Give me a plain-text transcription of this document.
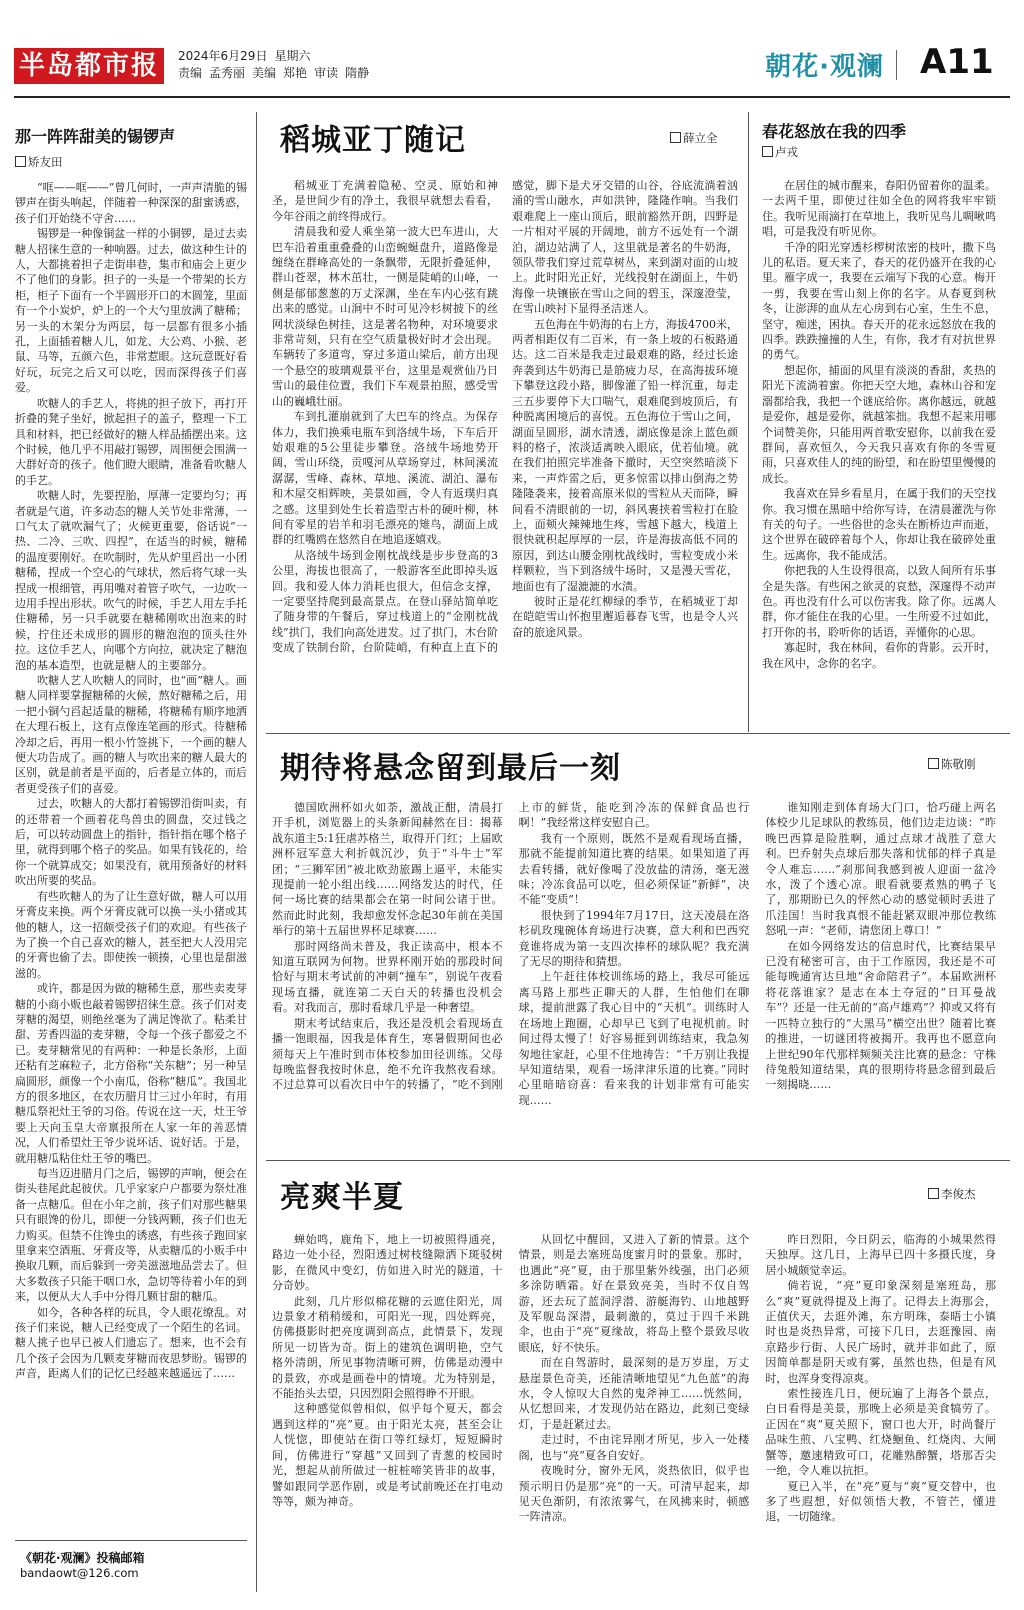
半岛都市报	2024年6月29日 星期六
责编 孟秀丽 美编 郑艳 审读 隋静	朝花·观澜 A11
那一阵阵甜美的锡锣声
矫友田

“哐——哐——”曾几何时，一声声清脆的锡锣声在街头响起，伴随着一种深深的甜蜜诱惑，孩子们开始绕不守舍……

锡锣是一种像铜盆一样的小铜锣，是过去卖糖人招徕生意的一种响器。过去，做这种生计的人，大都挑着担子走街串巷，集市和庙会上更少不了他们的身影。担子的一头是一个带架的长方柜，柜子下面有一个半圆形开口的木圆笼，里面有一个小炭炉，炉上的一个大勺里放满了糖稀；另一头的木架分为两层，每一层都有很多小插孔，上面插着糖人儿，如龙、大公鸡、小猴、老鼠、马等，五颜六色，非常惹眼。这玩意既好看好玩，玩完之后又可以吃，因而深得孩子们喜爱。

吹糖人的手艺人，将挑的担子放下，再打开折叠的凳子坐好，掀起担子的盖子，整理一下工具和材料，把已经做好的糖人样品插摆出来。这个时候，他几乎不用敲打锡锣，周围便会围满一大群好奇的孩子。他们瞪大眼睛，准备看吹糖人的手艺。

吹糖人时，先要捏胎，厚薄一定要均匀；再者就是气道，许多动态的糖人关节处非常薄，一口气太了就吹漏气了；火候更重要，俗话说“一热、二冷、三吹、四捏”，在适当的时候，糖稀的温度要刚好。在吹制时，先从炉里舀出一小团糖稀，捏成一个空心的气球状，然后将气球一头捏成一根细管，再用嘴对着管子吹气，一边吹一边用手捏出形状。吹气的时候，手艺人用左手托住糖稀，另一只手就要在糖稀刚吹出泡来的时候，拧住还未成形的圆形的糖泡泡的顶头往外拉。这位手艺人，向哪个方向拉，就决定了糖泡泡的基本造型，也就是糖人的主要部分。

吹糖人艺人吹糖人的同时，也“画”糖人。画糖人同样要掌握糖稀的火候，熬好糖稀之后，用一把小铜勺舀起适量的糖稀，将糖稀有顺序地洒在大理石板上，这有点像连笔画的形式。待糖稀冷却之后，再用一根小竹签挑下，一个画的糖人便大功告成了。画的糖人与吹出来的糖人最大的区别，就是前者是平面的，后者是立体的，而后者更受孩子们的喜爱。

过去，吹糖人的大都打着锡锣沿街叫卖，有的还带着一个画着花鸟兽虫的圆盘，交过钱之后，可以转动圆盘上的指针，指针指在哪个格子里，就得到哪个格子的奖品。如果有钱花的，给你一个就算成交；如果没有，就用预备好的材料吹出所要的奖品。

有些吹糖人的为了让生意好做，糖人可以用牙膏皮来换。两个牙膏皮就可以换一头小猪或其他的糖人，这一招颇受孩子们的欢迎。有些孩子为了换一个自己喜欢的糖人，甚至把大人没用完的牙膏也偷了去。即使挨一顿揍，心里也是甜滋滋的。

或许，都是因为做的糖稀生意，那些卖麦芽糖的小商小贩也敲着锡锣招徕生意。孩子们对麦芽糖的渴望，则绝丝毫为了满足馋欲了。粘柔甘甜、芳香四溢的麦芽糖，令每一个孩子都爱之不已。麦芽糖常见的有两种：一种是长条形，上面还粘有芝麻粒子，北方俗称“关东糖”；另一种呈扁圆形，颜像一个小南瓜，俗称“糖瓜”。我国北方的很多地区，在农历腊月廿三过小年时，有用糖瓜祭祀灶王爷的习俗。传说在这一天，灶王爷要上天向玉皇大帝禀报所在人家一年的善恶情况，人们希望灶王爷少说坏话、说好话。于是，就用糖瓜粘住灶王爷的嘴巴。

每当迈进腊月门之后，锡锣的声响，便会在街头巷尾此起彼伏。几乎家家户户都要为祭灶准备一点糖瓜。但在小年之前，孩子们对那些糖果只有眼馋的份儿，即便一分钱两颗，孩子们也无力购买。但禁不住馋虫的诱惑，有些孩子跑回家里拿来空酒瓶、牙膏皮等，从卖糖瓜的小贩手中换取几颗，而后躲到一旁美滋滋地品尝去了。但大多数孩子只能干咽口水，急切等待着小年的到来，以便从大人手中分得几颗甘甜的糖瓜。

如今，各种各样的玩具，令人眼花缭乱。对孩子们来说，糖人已经变成了一个陌生的名词。糖人挑子也早已被人们遗忘了。想来，也不会有几个孩子会因为几颗麦芽糖而夜思梦盼。锡锣的声音，距离人们的记忆已经越来越遥远了……

《朝花·观澜》投稿邮箱
bandaowt@126.com
稻城亚丁随记	薛立全

稻城亚丁充满着隐秘、空灵、原始和神圣，是世间少有的净土，我很早就想去看看，今年谷雨之前终得成行。

清晨我和爱人乘坐第一波大巴车进山，大巴车沿着重重叠叠的山峦蜿蜒盘升，道路像是缠绕在群峰高处的一条飘带，无限折叠延伸，群山苍翠，林木茁壮，一侧是陡峭的山峰，一侧是郁郁葱葱的万丈深渊，坐在车内心弦有跳出来的感觉。山涧中不时可见冷杉树披下的丝网状淡绿色树挂，这是著名物种，对环境要求非常苛刻，只有在空气质量极好时才会出现。车辆转了多道弯，穿过多道山梁后，前方出现一个悬空的玻璃观景平台，这里是观赏仙乃日雪山的最佳位置，我们下车观景拍照，感受雪山的巍峨壮丽。

车到扎灌崩就到了大巴车的终点。为保存体力，我们换乘电瓶车到洛绒牛场，下车后开始艰难的5公里徒步攀登。洛绒牛场地势开阔，雪山环绕，贡嘎河从草场穿过，林间溪流潺潺，雪峰、森林、草地、溪流、湖泊、瀑布和木屋交相辉映，美景如画，令人有返璞归真之感。这里到处生长着造型古朴的硬叶柳，林间有零星的岩羊和羽毛漂亮的雉鸟，湖面上成群的红嘴鸥在悠然自在地追逐嬉戏。

从洛绒牛场到金刚枕战线是步步登高的3公里，海拔也很高了，一般游客至此即掉头返回。我和爱人体力消耗也很大，但信念支撑，一定要坚持爬到最高景点。在登山驿站简单吃了随身带的午餐后，穿过栈道上的“金刚枕战线”拱门，我们向高处进发。过了拱门，木台阶变成了铁制台阶，台阶陡峭，有种直上直下的感觉，脚下是犬牙交错的山谷，谷底流淌着汹涌的雪山融水，声如洪钟，隆隆作响。当我们艰难爬上一座山顶后，眼前豁然开朗，四野是一片相对平展的开阔地，前方不远处有一个湖泊，湖边站满了人，这里就是著名的牛奶海，领队带我们穿过荒草树丛，来到湖对面的山坡上。此时阳光正好，光线投射在湖面上，牛奶海像一块镶嵌在雪山之间的碧玉，深邃澄莹，在雪山映衬下显得圣洁迷人。

五色海在牛奶海的右上方，海拔4700米，两者相距仅有二百米，有一条上坡的石板路通达。这二百米是我走过最艰难的路，经过长途奔袭到达牛奶海已是筋疲力尽，在高海拔环境下攀登这段小路，脚像灌了铅一样沉重，每走三五步要停下大口喘气，艰难爬到坡顶后，有种脱离困境后的喜悦。五色海位于雪山之间，湖面呈圆形，湖水清透，湖底像是涂上蓝色颜料的格子，浓淡适离映入眼底，优若仙境。就在我们拍照完毕准备下撤时，天空突然暗淡下来，一声炸雷之后，更多惊雷以排山倒海之势隆隆袭来，接着高原米似的雪粒从天而降，瞬间看不清眼前的一切，斜风裹挟着雪粒打在脸上，面颊火辣辣地生疼，雪越下越大，栈道上很快就积起厚厚的一层，许是海拔高低不同的原因，到达山腰金刚枕战线时，雪粒变成小米样颗粒，当下到洛绒牛场时，又是漫天雪花，地面也有了湿漉漉的水渍。

彼时正是花红柳绿的季节，在稻城亚丁却在皑皑雪山怀抱里邂逅暮春飞雪，也是令人兴奋的旅途风景。

春花怒放在我的四季
卢戎

在居住的城市醒来，春阳仍留着你的温柔。一去两千里，即使过往如全色的网将我牢牢锁住。我听见雨滴打在草地上，我听见鸟儿啁啾鸣唱，可是我没有听见你。

千净的阳光穿透杉椤树浓密的枝叶，撒下鸟儿的私语。夏天来了，春天的花仍盛开在我的心里。雁字成一，我要在云端写下我的心意。梅开一剪，我要在雪山刻上你的名字。从春夏到秋冬，让澎湃的血从左心房到右心室，生生不息，坚守，痴迷，困执。春天开的花永远怒放在我的四季。跌跌撞撞的人生，有你，我才有对抗世界的勇气。

想起你，捕面的风里有淡淡的香甜，炙热的阳光下流淌着蜜。你把天空大地，森林山谷和宠溺都给我，我把一个谜底给你。离你越远，就越是爱你，越是爱你，就越笨拙。我想不起来用哪个词赞美你，只能用两首歌安慰你，以前我在爱群间，喜欢恒久，今天我只喜欢有你的冬雪夏雨，只喜欢佳人的纯的盼望，和在盼望里慢慢的成长。

我喜欢在异乡看星月，在属于我们的天空找你。我习惯在黑暗中给你写诗，在清晨灌洗与你有关的句子。一些俗世的念头在断桥边声而逝，这个世界在破碎着每个人，你却让我在破碎处重生。远离你，我不能成活。

你把我的人生设得很高，以致人间所有乐事全是失落。有些闲之欲灵的哀愁，深邃得不动声色。再也没有什么可以伤害我。除了你。远离人群，你才能住在我的心里。一生所爱不过如此，打开你的书，聆听你的话语，弄懂你的心思。

寡起时，我在林间，看你的背影。云开时，我在风中，念你的名字。

期待将悬念留到最后一刻	陈敬刚

德国欧洲杯如火如荼，激战正酣，清晨打开手机，浏览器上的头条新闻赫然在目：揭幕战东道主5:1狂虐苏格兰，取得开门红；上届欧洲杯冠军意大利折戟沉沙，负于“斗牛士”军团；“三狮军团”被北欧劲旅踢上逼平，未能实现提前一轮小组出线……网络发达的时代，任何一场比赛的结果都会在第一时间公诸于世。然而此时此刻，我却愈发怀念起30年前在美国举行的第十五届世界杯足球赛……

那时网络尚未普及，我正读高中，根本不知道互联网为何物。世界杯刚开始的那段时间恰好与期末考试前的冲刺“撞车”，别说午夜看现场直播，就连第二天白天的转播也没机会看。对我而言，那时看球几乎是一种奢望。

期末考试结束后，我还是没机会看现场直播一饱眼福，因我是体育生，寒暑假期间也必须每天上午准时到市体校参加田径训练。父母每晚监督我按时休息，绝不允许我熬夜看球。不过总算可以看次日中午的转播了，“吃不到刚上市的鲜货，能吃到冷冻的保鲜食品也行啊！”我经常这样安慰自己。

我有一个原则，既然不是观看现场直播，那就不能提前知道比赛的结果。如果知道了再去看转播，就好像喝了没放盐的清汤，毫无滋味；冷冻食品可以吃，但必须保证“新鲜”，决不能“变质”！

很快到了1994年7月17日，这天凌晨在洛杉矶玫瑰碗体育场进行决赛，意大利和巴西究竟谁将成为第一支四次捧杯的球队呢？我充满了无尽的期待和猜想。

上午赶往体校训练场的路上，我尽可能远离马路上那些正聊天的人群，生怕他们在聊球，提前泄露了我心目中的“天机”。训练时人在场地上跑圈，心却早已飞到了电视机前。时间过得太慢了！好容易捱到训练结束，我急匆匆地往家赶，心里不住地祷告：“千万别让我提早知道结果，观看一场津津乐道的比赛。”同时心里暗暗窃喜：看来我的计划非常有可能实现……

谁知刚走到体育场大门口，恰巧碰上两名体校少儿足球队的教练员，他们边走边谈：“昨晚巴西算是险胜啊，通过点球才战胜了意大利。巴乔射失点球后那失落和忧郁的样子真是令人难忘……”刹那间我感到被人迎面一盆冷水，泼了个透心凉。眼看就要煮熟的鸭子飞了，那期盼已久的怦然心动的感觉顿时丢进了爪洼国！当时我真恨不能赶紧双眼冲那位教练怒吼一声：“老师，请您闭上尊口！”

在如今网络发达的信息时代，比赛结果早已没有秘密可言，由于工作原因，我还是不可能每晚通宵达旦地“舍命陪君子”。本届欧洲杯将花落谁家？是志在本土夺冠的“日耳曼战车”？还是一往无前的“高卢雄鸡”？抑或又将有一匹特立独行的“大黑马”横空出世？随着比赛的推进，一切谜团将被揭开。我再也不愿意向上世纪90年代那样频频关注比赛的悬念：守株待兔般知道结果，真的很期待将悬念留到最后一刻揭晓……

亮爽半夏	李俊杰

蝉始鸣，鹿角下，地上一切被照得通亮，路边一处小径，烈阳透过树枝缝隙洒下斑驳树影，在微风中变幻，仿如进入时光的隧道，十分奇妙。

此刻，几片形似棉花糖的云遮住阳光，周边景象才稍稍缓和，可阳光一现，四处辉亮，仿佛摄影时把亮度调到高点，此情景下，发现所见一切皆为奇。街上的建筑色调明艳，空气格外清朗，所见事物清晰可辨，仿佛是动漫中的景致，亦或是画卷中的情境。尤为特别是，不能抬头去望，只因烈阳会照得睁不开眼。

这种感觉似曾相似，似乎每个夏天，都会遇到这样的“亮”夏。由于阳光太亮，甚至会让人恍惚，即使站在街口等红绿灯，短短瞬时间，仿佛进行“穿越”又回到了青葱的校园时光，想起从前所做过一桩桩啼笑皆非的故事，譬如跟同学恶作剧，或是考试前晚还在打电动等等，颇为神奇。

从回忆中醒回，又进入了新的情景。这个情景，则是去塞班岛度蜜月时的景象。那时，也遇此“亮”夏，由于那里紫外线强，出门必须多涂防晒霜。好在景致亮美，当时不仅自驾游，还去玩了蓝洞浮潜、游艇海钓、山地越野及军舰岛深潜，最刺激的，莫过于四千米跳伞，也由于“亮”夏缘故，将岛上整个景致尽收眼底，好不快乐。

而在自驾游时，最深刻的是万岁崖，万丈悬崖景色奇美，还能清晰地望见“九色蓝”的海水，令人惊叹大自然的鬼斧神工……恍然间，从忆想回来，才发现仍站在路边，此刻已变绿灯，于是赶紧过去。

走过时，不由诧异刚才所见，步入一处楼阁，也与“亮”夏各自安好。

夜晚时分，窗外无风，炎热依旧，似乎也预示明日仍是那“亮”的一天。可清早起来，却见天色渐阴，有浓浓雾气，在风拂来时，顿感一阵清凉。

昨日烈阳，今日阴云，临海的小城果然得天独厚。这几日，上海早已四十多摄氏度，身居小城颇觉幸运。

倘若说，“亮”夏印象深刻是塞班岛，那么“爽”夏就得提及上海了。记得去上海那会，正值伏天，去逛外滩，东方明珠，泰晤士小镇时也是炎热异常，可接下几日，去逛豫园、南京路步行街、人民广场时，就并非如此了，原因简单都是阴天或有雾，虽然也热，但是有风时，也浑身变得凉爽。

索性接连几日，便玩遍了上海各个景点，白日看得是美景，那晚上必须是美食犒劳了。正因在“爽”夏关照下，窗口也大开，时尚餐厅品味生煎、八宝鸭、红烧鮰鱼、红烧肉、大闸蟹等，邀速精致可口，花雕熟醉蟹，塔那否尖一绝，令人难以抗拒。

夏已入半，在“亮”夏与“爽”夏交替中，也多了些遐想，好似领悟大教，不管芒，懂进退，一切随缘。
